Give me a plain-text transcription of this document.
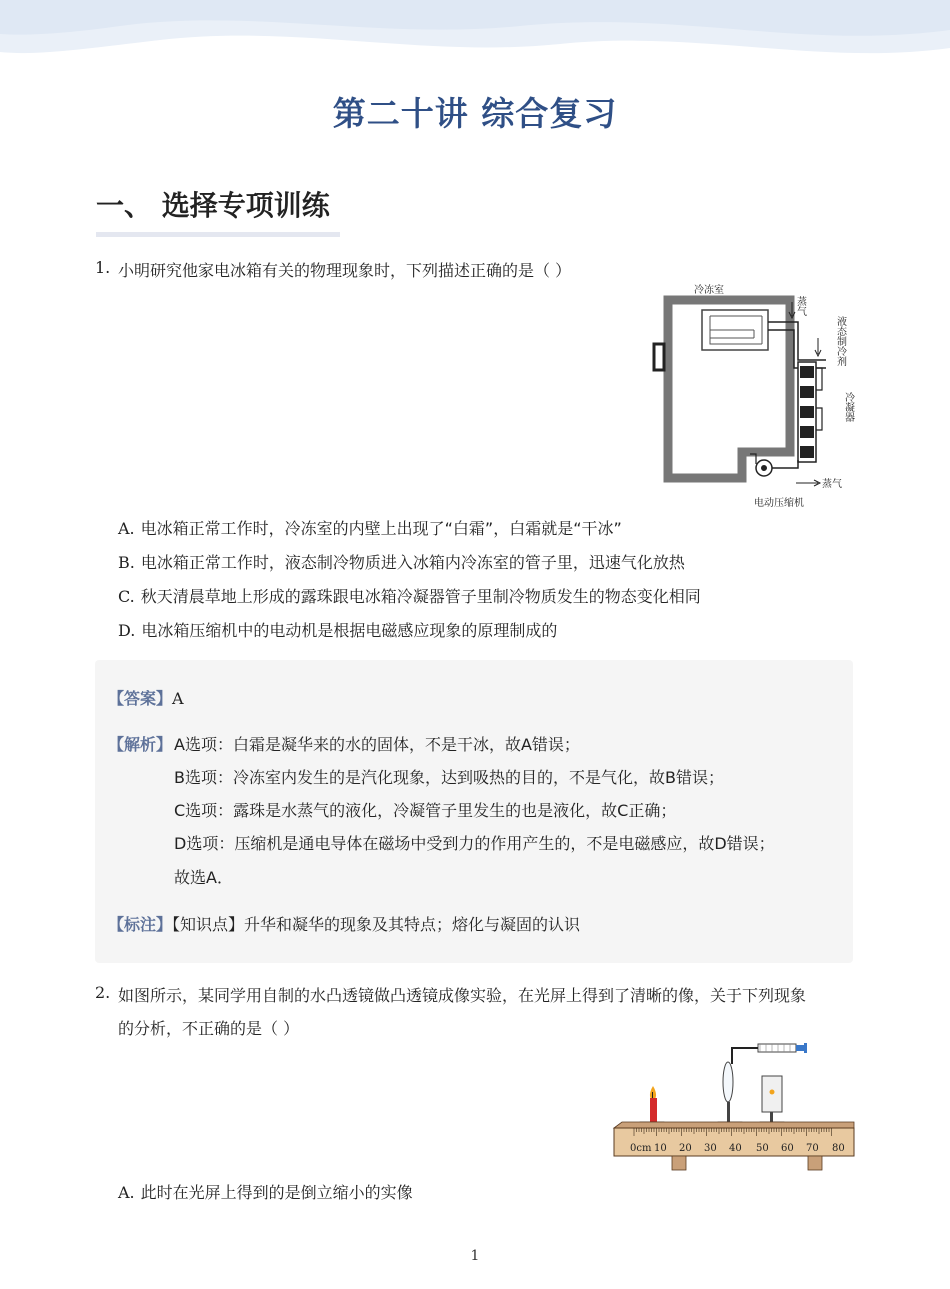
第二十讲 综合复习
一、 选择专项训练
1. 小明研究他家电冰箱有关的物理现象时，下列描述正确的是（ ）
冷冻室
蒸气
液态制冷剂
冷凝器
电动压缩机
蒸气
A. 电冰箱正常工作时，冷冻室的内壁上出现了“白霜”，白霜就是“干冰”
B. 电冰箱正常工作时，液态制冷物质进入冰箱内冷冻室的管子里，迅速气化放热
C. 秋天清晨草地上形成的露珠跟电冰箱冷凝器管子里制冷物质发生的物态变化相同
D. 电冰箱压缩机中的电动机是根据电磁感应现象的原理制成的
【答案】A
【解析】 A选项：白霜是凝华来的水的固体，不是干冰，故A错误；
B选项：冷冻室内发生的是汽化现象，达到吸热的目的，不是气化，故B错误；
C选项：露珠是水蒸气的液化，冷凝管子里发生的也是液化，故C正确；
D选项：压缩机是通电导体在磁场中受到力的作用产生的，不是电磁感应，故D错误；
故选A．
【标注】【知识点】升华和凝华的现象及其特点；熔化与凝固的认识
2. 如图所示，某同学用自制的水凸透镜做凸透镜成像实验，在光屏上得到了清晰的像，关于下列现象
的分析，不正确的是（ ）
0cm 10 20 30 40 50 60 70 80
A. 此时在光屏上得到的是倒立缩小的实像
1
